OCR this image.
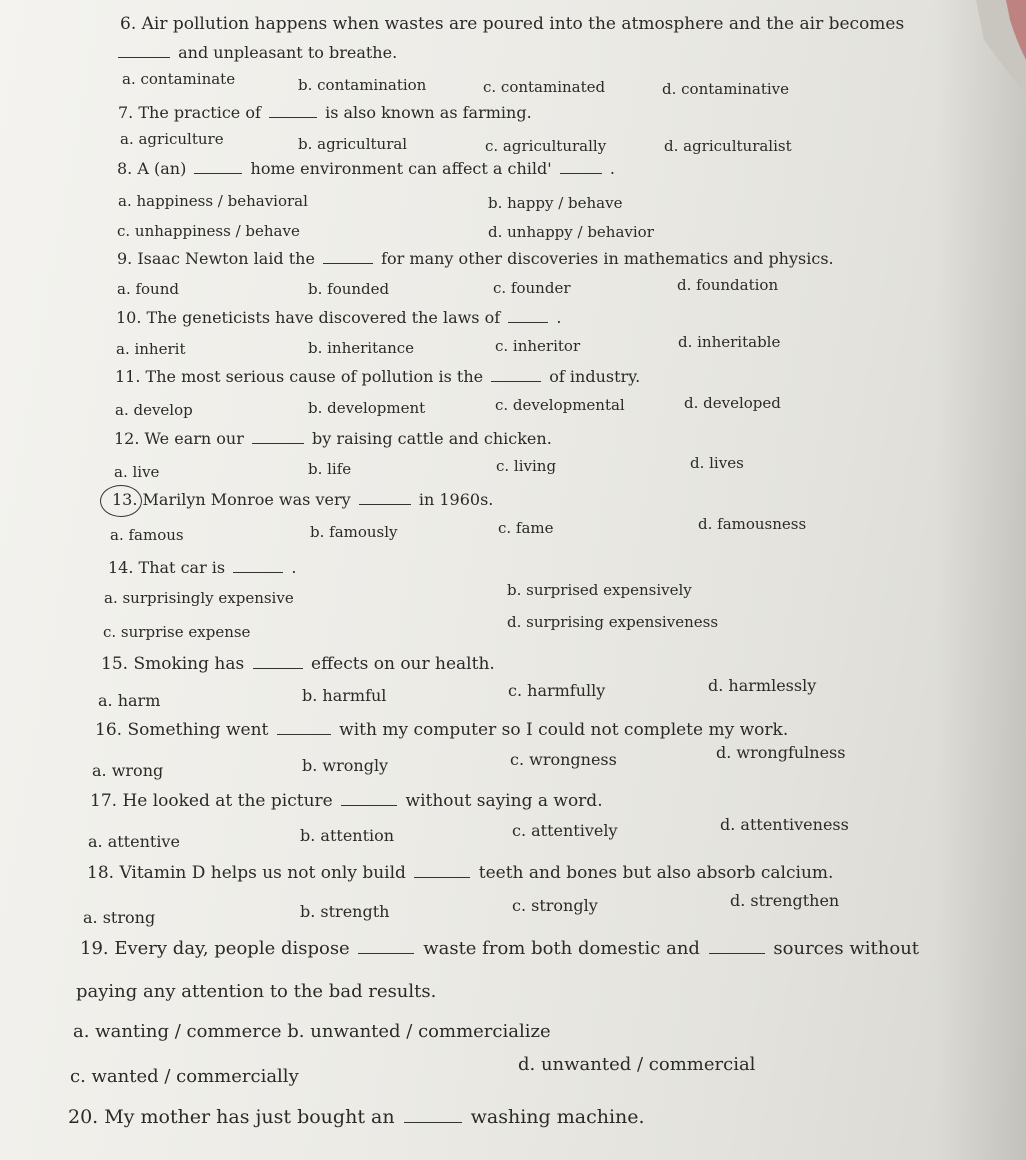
6. Air pollution happens when wastes are poured into the atmosphere and the air becomes
and unpleasant to breathe.
a. contaminate	b. contamination	c. contaminated	d. contaminative
7. The practice of	is also known as farming.
a. agriculture	b. agricultural	c. agriculturally	d. agriculturalist
8. A (an)	home environment can affect a child'	.
a. happiness / behavioral	b. happy / behave
c. unhappiness / behave	d. unhappy / behavior
9. Isaac Newton laid the	for many other discoveries in mathematics and physics.
a. found	b. founded	c. founder	d. foundation
10. The geneticists have discovered the laws of	.
a. inherit	b. inheritance	c. inheritor	d. inheritable
11. The most serious cause of pollution is the	of industry.
a. develop	b. development	c. developmental	d. developed
12. We earn our	by raising cattle and chicken.
a. live	b. life	c. living	d. lives
13. Marilyn Monroe was very	in 1960s.
a. famous	b. famously	c. fame	d. famousness
14. That car is	.
a. surprisingly expensive	b. surprised expensively
c. surprise expense
d. surprising expensiveness
15. Smoking has	effects on our health.
a. harm	b. harmful	c. harmfully	d. harmlessly
16. Something went	with my computer so I could not complete my work.
a. wrong	b. wrongly	c. wrongness	d. wrongfulness
17. He looked at the picture	without saying a word.
a. attentive	b. attention	c. attentively	d. attentiveness
18. Vitamin D helps us not only build	teeth and bones but also absorb calcium.
a. strong	b. strength	c. strongly	d. strengthen
19. Every day, people dispose	waste from both domestic and	sources without
paying any attention to the bad results.
a. wanting / commerce b. unwanted / commercialize
c. wanted / commercially
d. unwanted / commercial
20. My mother has just bought an	washing machine.
